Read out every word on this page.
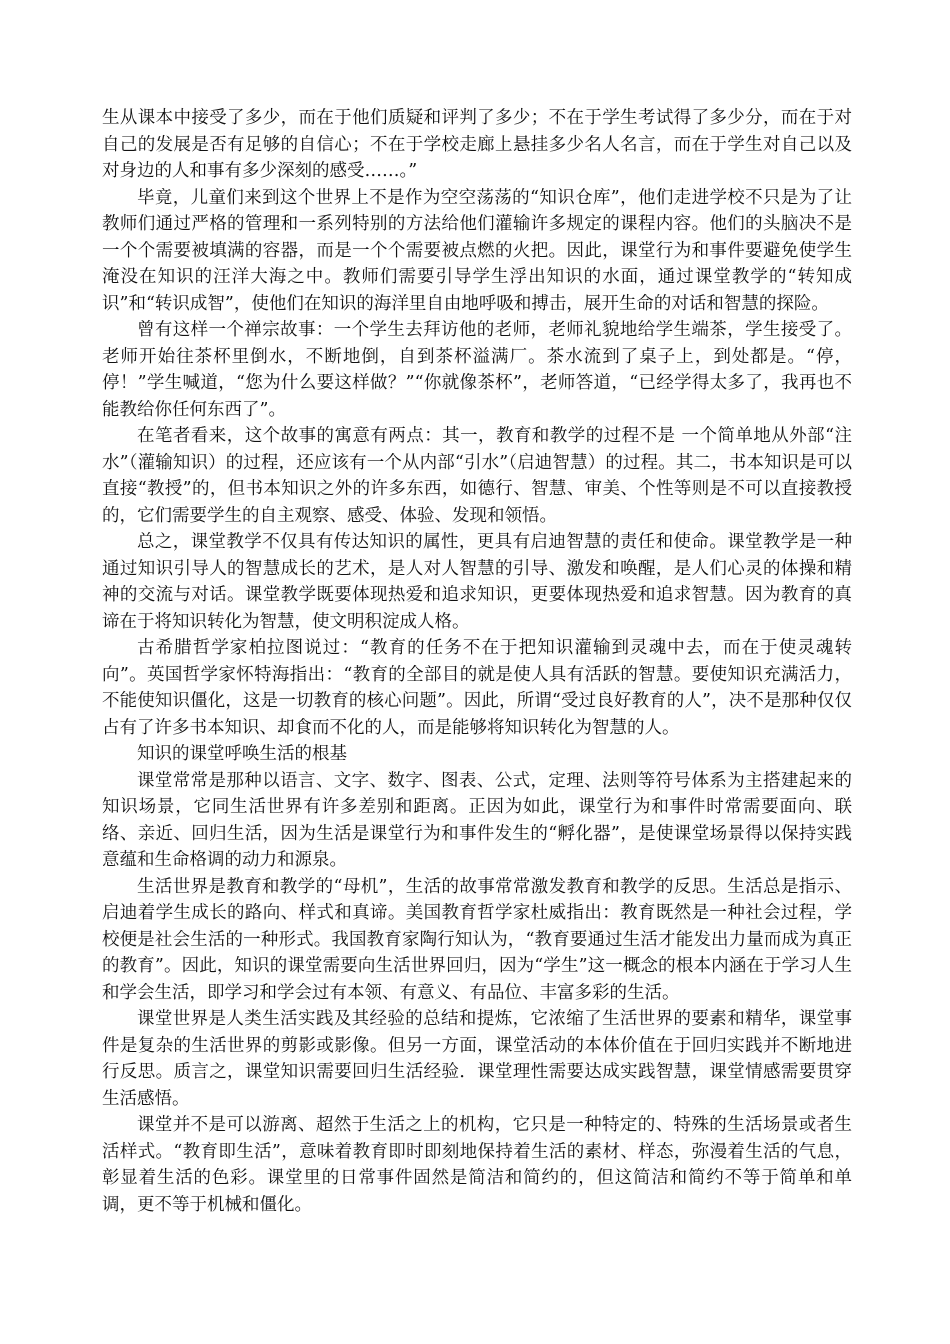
生从课本中接受了多少，而在于他们质疑和评判了多少；不在于学生考试得了多少分，而在于对自己的发展是否有足够的自信心；不在于学校走廊上悬挂多少名人名言，而在于学生对自己以及对身边的人和事有多少深刻的感受……。”

毕竟，儿童们来到这个世界上不是作为空空荡荡的“知识仓库”，他们走进学校不只是为了让教师们通过严格的管理和一系列特别的方法给他们灌输许多规定的课程内容。他们的头脑决不是一个个需要被填满的容器，而是一个个需要被点燃的火把。因此，课堂行为和事件要避免使学生淹没在知识的汪洋大海之中。教师们需要引导学生浮出知识的水面，通过课堂教学的“转知成识”和“转识成智”，使他们在知识的海洋里自由地呼吸和搏击，展开生命的对话和智慧的探险。

曾有这样一个禅宗故事：一个学生去拜访他的老师，老师礼貌地给学生端茶，学生接受了。老师开始往茶杯里倒水，不断地倒，自到茶杯溢满厂。茶水流到了桌子上，到处都是。“停，停！”学生喊道，“您为什么要这样做？”“你就像茶杯”，老师答道，“已经学得太多了，我再也不能教给你任何东西了”。

在笔者看来，这个故事的寓意有两点：其一，教育和教学的过程不是 一个简单地从外部“注水”（灌输知识）的过程，还应该有一个从内部“引水”（启迪智慧）的过程。其二，书本知识是可以直接“教授”的，但书本知识之外的许多东西，如德行、智慧、审美、个性等则是不可以直接教授的，它们需要学生的自主观察、感受、体验、发现和领悟。

总之，课堂教学不仅具有传达知识的属性，更具有启迪智慧的责任和使命。课堂教学是一种通过知识引导人的智慧成长的艺术，是人对人智慧的引导、激发和唤醒，是人们心灵的体操和精神的交流与对话。课堂教学既要体现热爱和追求知识，更要体现热爱和追求智慧。因为教育的真谛在于将知识转化为智慧，使文明积淀成人格。

古希腊哲学家柏拉图说过：“教育的任务不在于把知识灌输到灵魂中去，而在于使灵魂转向”。英国哲学家怀特海指出：“教育的全部目的就是使人具有活跃的智慧。要使知识充满活力，不能使知识僵化，这是一切教育的核心问题”。因此，所谓“受过良好教育的人”，决不是那种仅仅占有了许多书本知识、却食而不化的人，而是能够将知识转化为智慧的人。

知识的课堂呼唤生活的根基

课堂常常是那种以语言、文字、数字、图表、公式，定理、法则等符号体系为主搭建起来的知识场景，它同生活世界有许多差别和距离。正因为如此，课堂行为和事件时常需要面向、联络、亲近、回归生活，因为生活是课堂行为和事件发生的“孵化器”，是使课堂场景得以保持实践意蕴和生命格调的动力和源泉。

生活世界是教育和教学的“母机”，生活的故事常常激发教育和教学的反思。生活总是指示、启迪着学生成长的路向、样式和真谛。美国教育哲学家杜威指出：教育既然是一种社会过程，学校便是社会生活的一种形式。我国教育家陶行知认为，“教育要通过生活才能发出力量而成为真正的教育”。因此，知识的课堂需要向生活世界回归，因为“学生”这一概念的根本内涵在于学习人生和学会生活，即学习和学会过有本领、有意义、有品位、丰富多彩的生活。

课堂世界是人类生活实践及其经验的总结和提炼，它浓缩了生活世界的要素和精华，课堂事件是复杂的生活世界的剪影或影像。但另一方面，课堂活动的本体价值在于回归实践并不断地进行反思。质言之，课堂知识需要回归生活经验．课堂理性需要达成实践智慧，课堂情感需要贯穿生活感悟。

课堂并不是可以游离、超然于生活之上的机构，它只是一种特定的、特殊的生活场景或者生活样式。“教育即生活”，意味着教育即时即刻地保持着生活的素材、样态，弥漫着生活的气息，彰显着生活的色彩。课堂里的日常事件固然是简洁和简约的，但这简洁和简约不等于简单和单调，更不等于机械和僵化。
